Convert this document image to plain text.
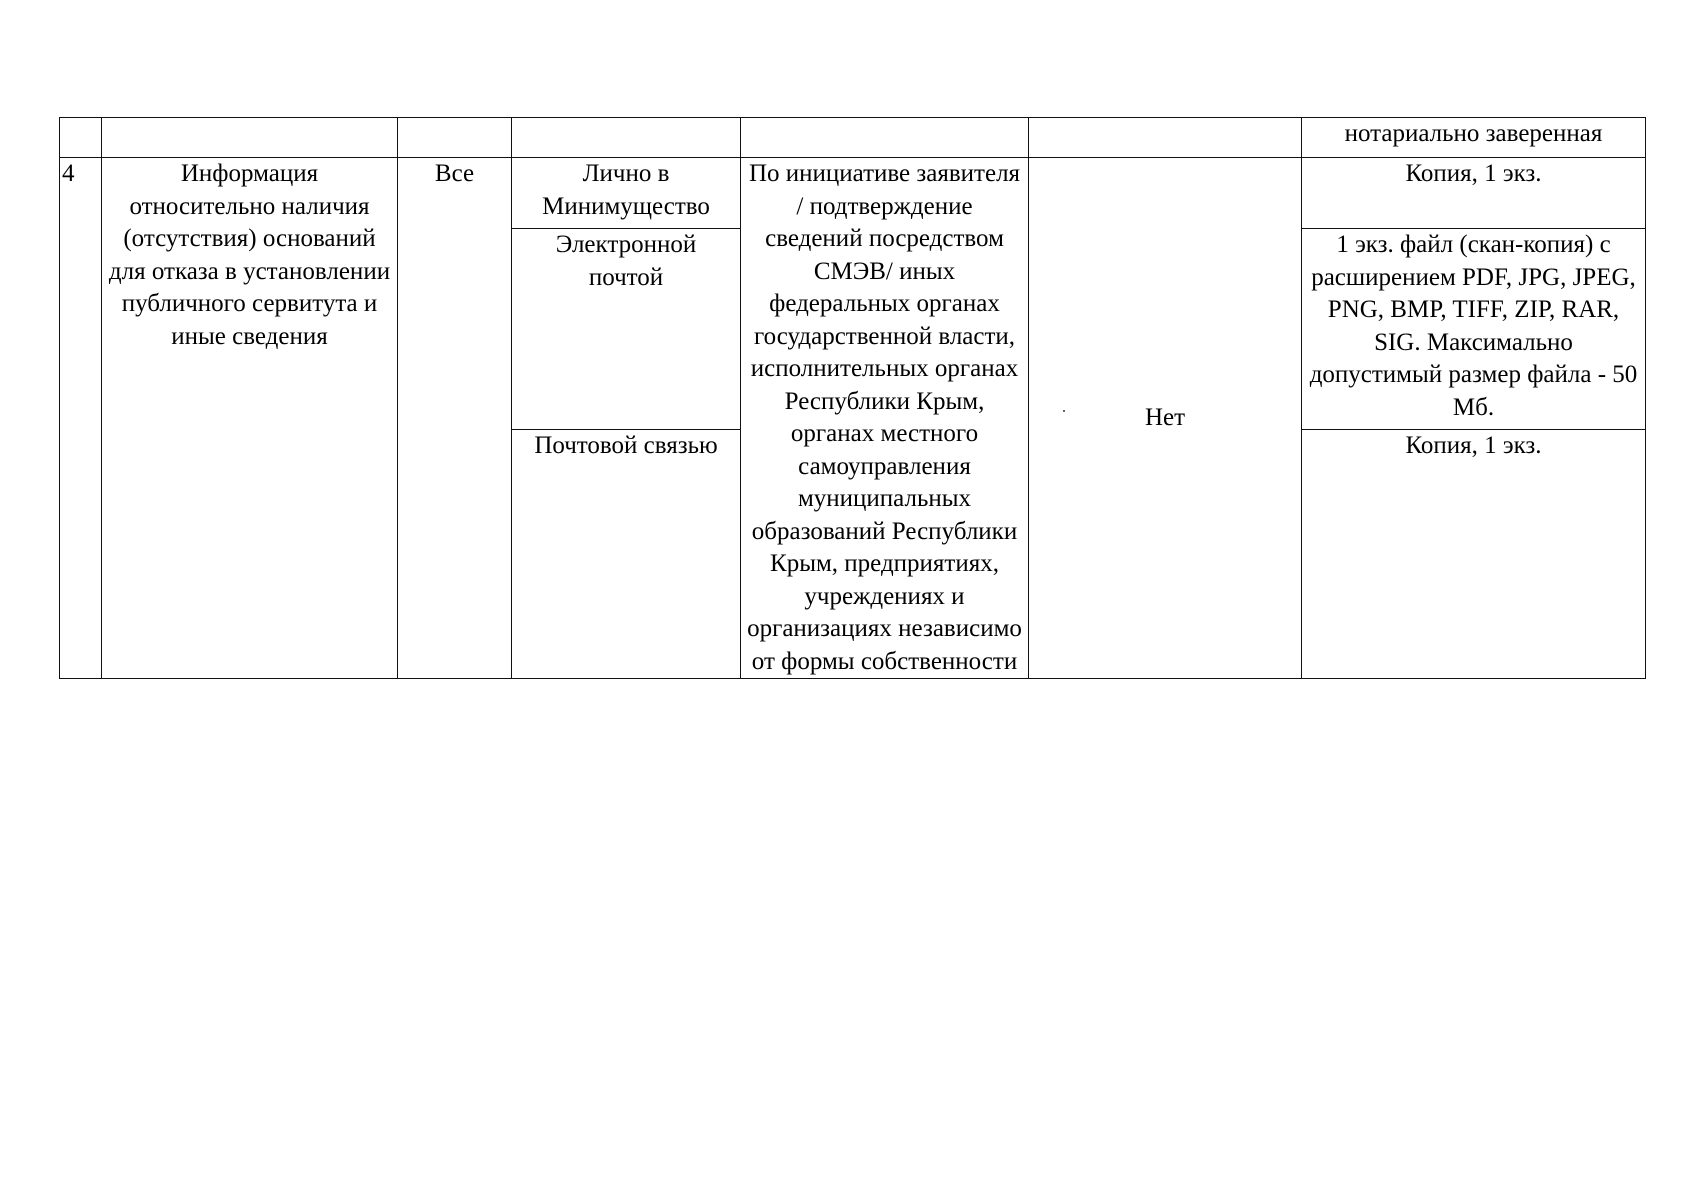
						нотариально заверенная
4	Информация относительно наличия (отсутствия) оснований для отказа в установлении публичного сервитута и иные сведения	Все	Лично в Минимущество	По инициативе заявителя / подтверждение сведений посредством СМЭВ/ иных федеральных органах государственной власти, исполнительных органах Республики Крым, органах местного самоуправления муниципальных образований Республики Крым, предприятиях, учреждениях и организациях независимо от формы собственности	Нет	Копия, 1 экз.
			Электронной почтой			1 экз. файл (скан-копия) с расширением PDF, JPG, JPEG, PNG, BMP, TIFF, ZIP, RAR, SIG. Максимально допустимый размер файла - 50 Мб.
			Почтовой связью			Копия, 1 экз.
